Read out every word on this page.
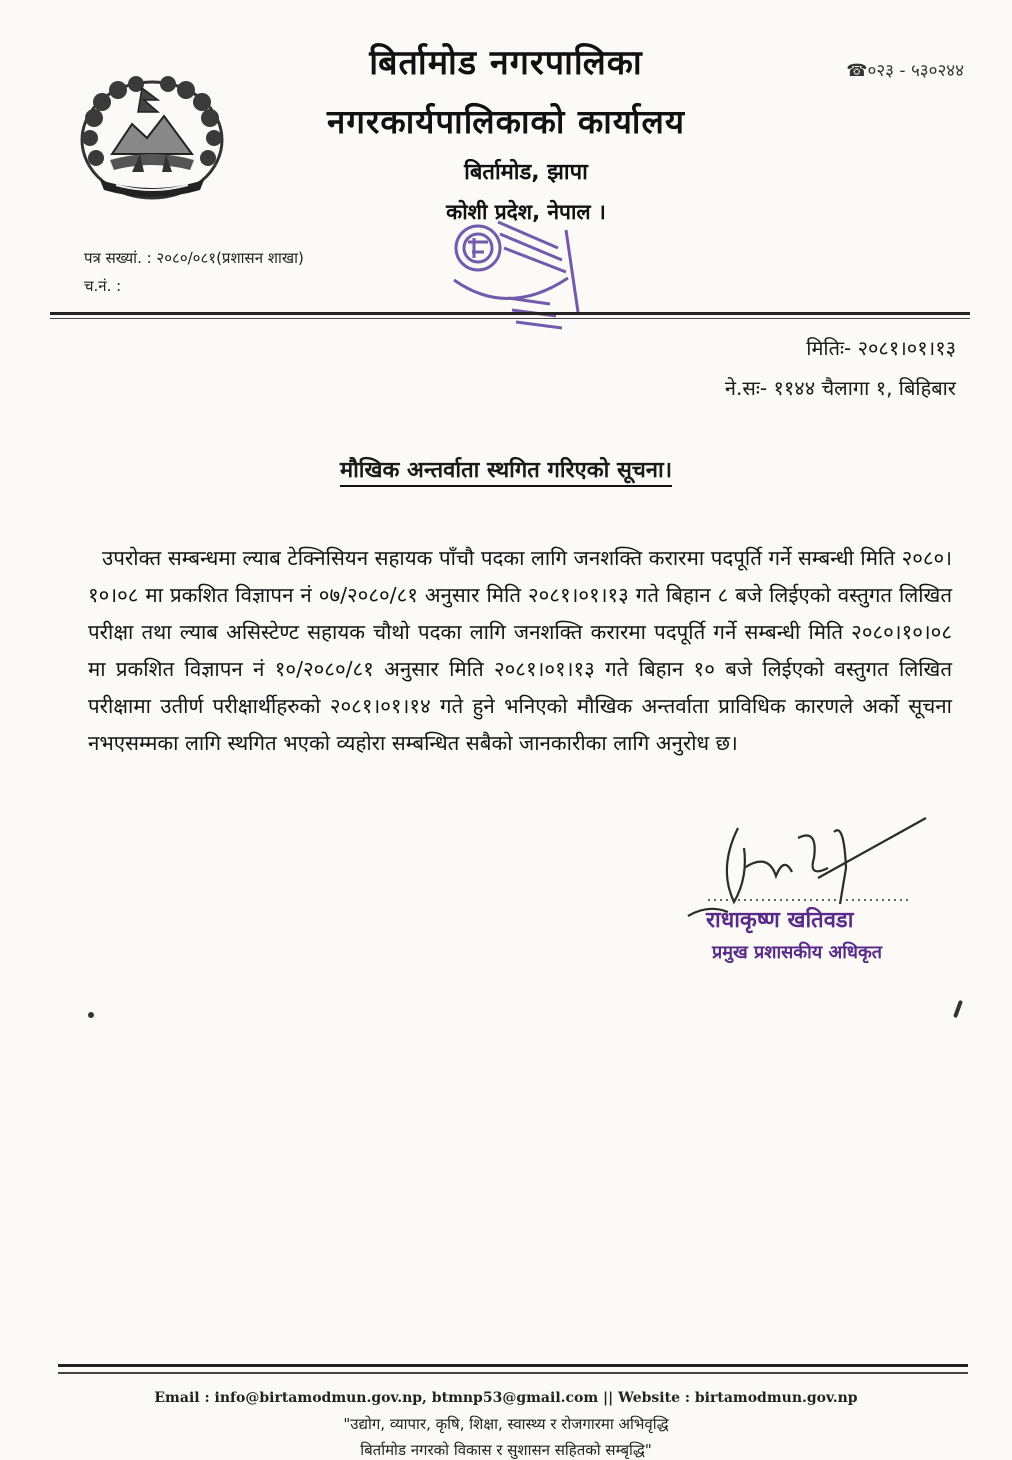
बिर्तामोड नगरपालिका
नगरकार्यपालिकाको कार्यालय
बिर्तामोड, झापा
कोशी प्रदेश, नेपाल ।
☎०२३ - ५३०२४४
पत्र सख्यां. : २०८०/०८१(प्रशासन शाखा)
च.नं. :
मितिः- २०८१।०१।१३
ने.सः- ११४४ चैलागा १, बिहिबार
मौखिक अन्तर्वाता स्थगित गरिएको सूचना।
उपरोक्त सम्बन्धमा ल्याब टेक्निसियन सहायक पाँचौ पदका लागि जनशक्ति करारमा पदपूर्ति गर्ने सम्बन्धी मिति २०८०।१०।०८ मा प्रकशित विज्ञापन नं ०७/२०८०/८१ अनुसार मिति २०८१।०१।१३ गते बिहान ८ बजे लिईएको वस्तुगत लिखित परीक्षा तथा ल्याब असिस्टेण्ट सहायक चौथो पदका लागि जनशक्ति करारमा पदपूर्ति गर्ने सम्बन्धी मिति २०८०।१०।०८ मा प्रकशित विज्ञापन नं १०/२०८०/८१ अनुसार मिति २०८१।०१।१३ गते बिहान १० बजे लिईएको वस्तुगत लिखित परीक्षामा उतीर्ण परीक्षार्थीहरुको २०८१।०१।१४ गते हुने भनिएको मौखिक अन्तर्वाता प्राविधिक कारणले अर्को सूचना नभएसम्मका लागि स्थगित भएको व्यहोरा सम्बन्धित सबैको जानकारीका लागि अनुरोध छ।
राधाकृष्ण खतिवडा
प्रमुख प्रशासकीय अधिकृत
Email : info@birtamodmun.gov.np, btmnp53@gmail.com || Website : birtamodmun.gov.np
"उद्योग, व्यापार, कृषि, शिक्षा, स्वास्थ्य र रोजगारमा अभिवृद्धि
बिर्तामोड नगरको विकास र सुशासन सहितको सम्बृद्धि"
